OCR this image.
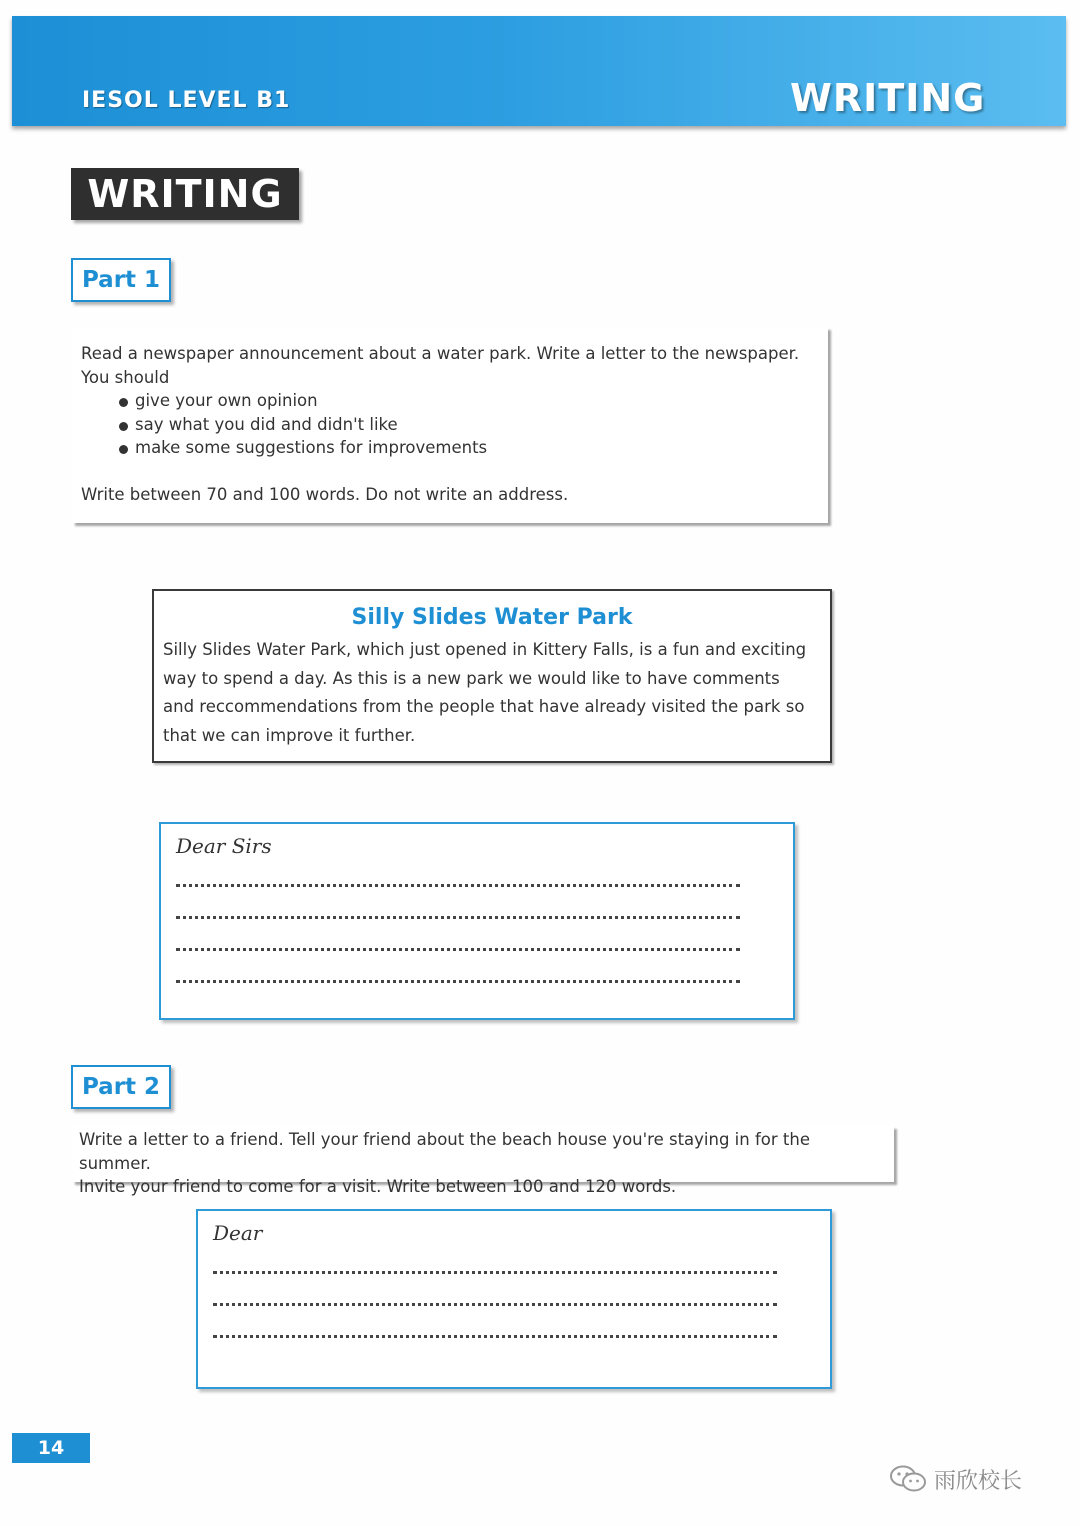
IESOL LEVEL B1	WRITING
WRITING
Part 1
Read a newspaper announcement about a water park. Write a letter to the newspaper.
You should
give your own opinion
say what you did and didn't like
make some suggestions for improvements
Write between 70 and 100 words. Do not write an address.
Silly Slides Water Park
Silly Slides Water Park, which just opened in Kittery Falls, is a fun and exciting way to spend a day. As this is a new park we would like to have comments and reccommendations from the people that have already visited the park so that we can improve it further.
Dear Sirs
Part 2
Write a letter to a friend. Tell your friend about the beach house you're staying in for the summer.
Invite your friend to come for a visit. Write between 100 and 120 words.
Dear
14
雨欣校长
